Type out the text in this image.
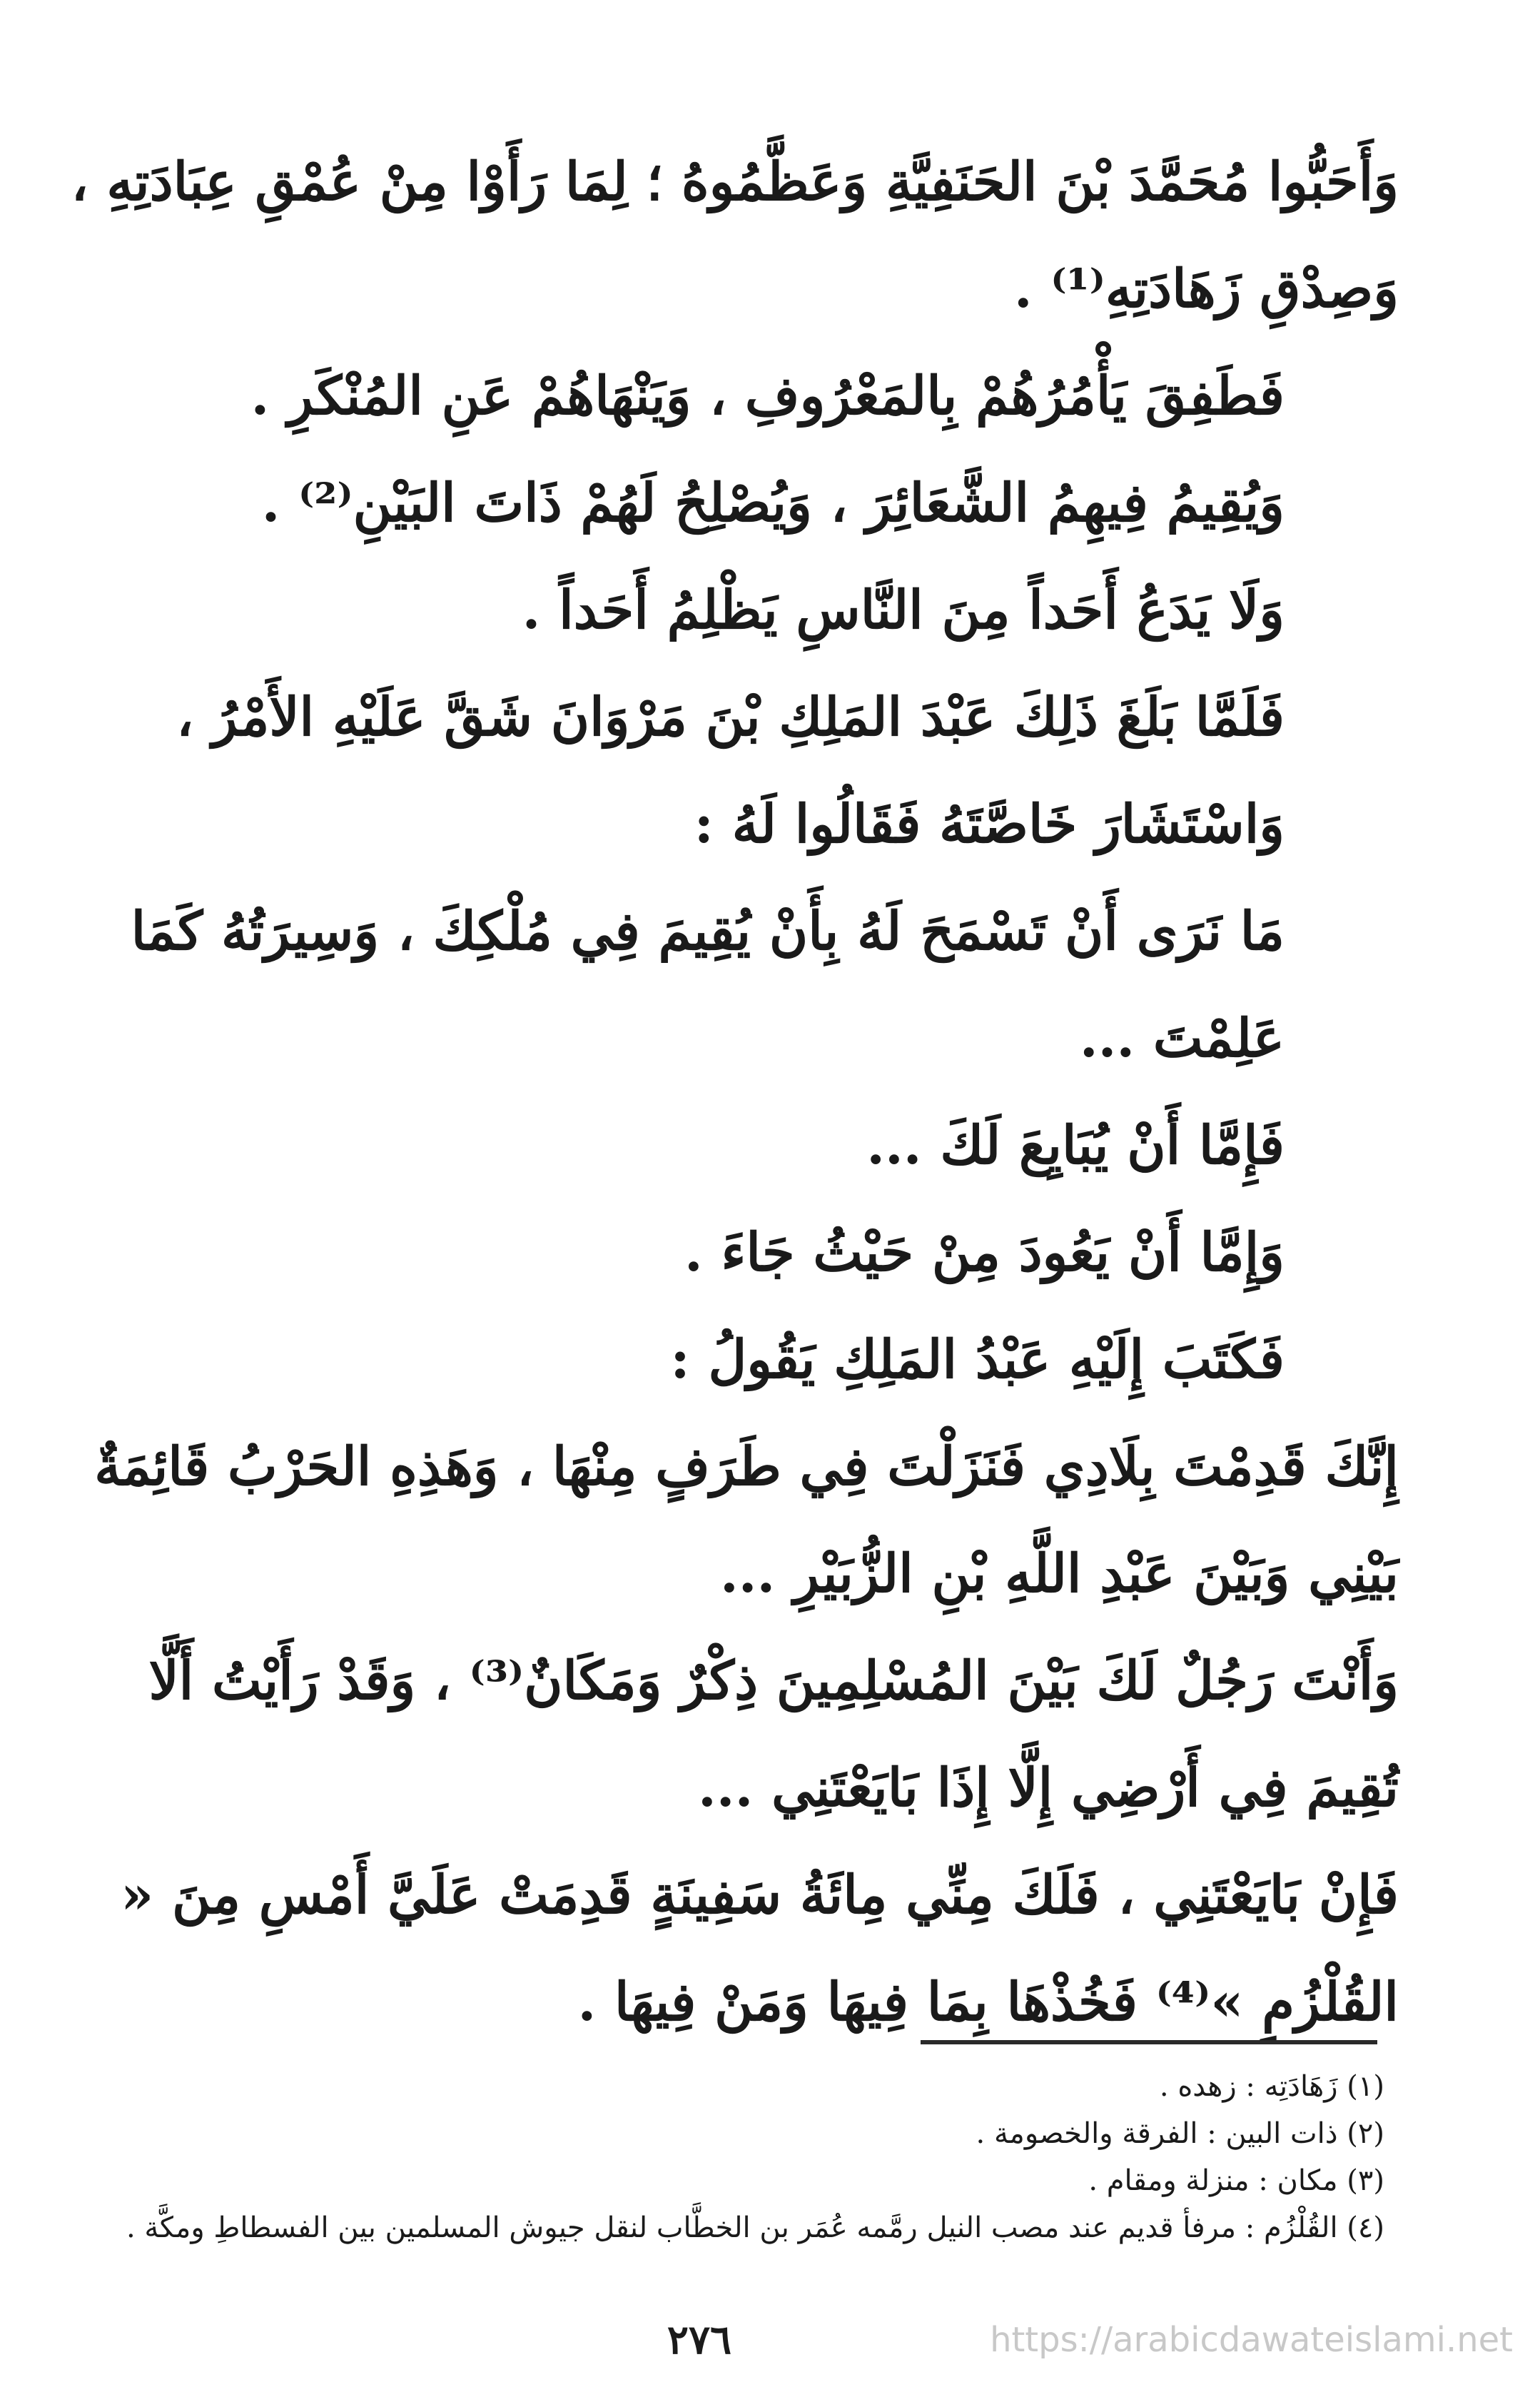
وَأَحَبُّوا مُحَمَّدَ بْنَ الحَنَفِيَّةِ وَعَظَّمُوهُ ؛ لِمَا رَأَوْا مِنْ عُمْقِ عِبَادَتِهِ ، وَصِدْقِ زَهَادَتِهِ⁽¹⁾ .

فَطَفِقَ يَأْمُرُهُمْ بِالمَعْرُوفِ ، وَيَنْهَاهُمْ عَنِ المُنْكَرِ .

وَيُقِيمُ فِيهِمُ الشَّعَائِرَ ، وَيُصْلِحُ لَهُمْ ذَاتَ البَيْنِ⁽²⁾ .

وَلَا يَدَعُ أَحَداً مِنَ النَّاسِ يَظْلِمُ أَحَداً .

فَلَمَّا بَلَغَ ذَلِكَ عَبْدَ المَلِكِ بْنَ مَرْوَانَ شَقَّ عَلَيْهِ الأَمْرُ ، وَاسْتَشَارَ خَاصَّتَهُ فَقَالُوا لَهُ :

مَا نَرَى أَنْ تَسْمَحَ لَهُ بِأَنْ يُقِيمَ فِي مُلْكِكَ ، وَسِيرَتُهُ كَمَا عَلِمْتَ ...

فَإِمَّا أَنْ يُبَايِعَ لَكَ ...

وَإِمَّا أَنْ يَعُودَ مِنْ حَيْثُ جَاءَ .

فَكَتَبَ إِلَيْهِ عَبْدُ المَلِكِ يَقُولُ :

إِنَّكَ قَدِمْتَ بِلَادِي فَنَزَلْتَ فِي طَرَفٍ مِنْهَا ، وَهَذِهِ الحَرْبُ قَائِمَةٌ بَيْنِي وَبَيْنَ عَبْدِ اللَّهِ بْنِ الزُّبَيْرِ ...

وَأَنْتَ رَجُلٌ لَكَ بَيْنَ المُسْلِمِينَ ذِكْرٌ وَمَكَانٌ⁽³⁾ ، وَقَدْ رَأَيْتُ أَلَّا تُقِيمَ فِي أَرْضِي إِلَّا إِذَا بَايَعْتَنِي ...

فَإِنْ بَايَعْتَنِي ، فَلَكَ مِنِّي مِائَةُ سَفِينَةٍ قَدِمَتْ عَلَيَّ أَمْسِ مِنَ « القُلْزُمِ »⁽⁴⁾ فَخُذْهَا بِمَا فِيهَا وَمَنْ فِيهَا .

(١) زَهَادَتِه : زهده .

(٢) ذات البين : الفرقة والخصومة .

(٣) مكان : منزلة ومقام .

(٤) القُلْزُم : مرفأ قديم عند مصب النيل رمَّمه عُمَر بن الخطَّاب لنقل جيوش المسلمين بين الفسطاطِ ومكَّة .

٢٧٦	https://arabicdawateislami.net
